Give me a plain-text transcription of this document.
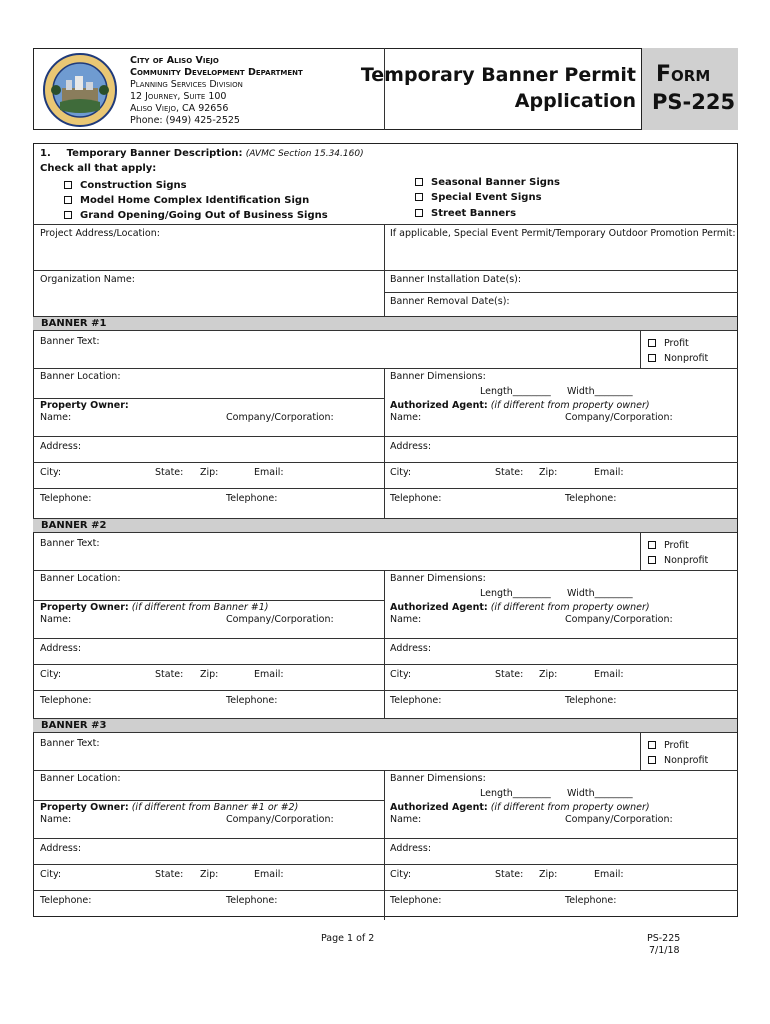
City of Aliso Viejo
Community Development Department
Planning Services Division
12 Journey, Suite 100
Aliso Viejo, CA 92656
Phone: (949) 425-2525
Temporary Banner Permit
Application
Form
PS-225
1. Temporary Banner Description: (AVMC Section 15.34.160)
Check all that apply:
Construction Signs
Model Home Complex Identification Sign
Grand Opening/Going Out of Business Signs
Seasonal Banner Signs
Special Event Signs
Street Banners
Project Address/Location:	If applicable, Special Event Permit/Temporary Outdoor Promotion Permit:
Organization Name:	Banner Installation Date(s):
Banner Removal Date(s):
BANNER #1
Banner Text:	Profit
Nonprofit
Banner Location:	Banner Dimensions:
Length________ Width________
Property Owner:	Authorized Agent: (if different from property owner)
Name:	Company/Corporation:	Name:	Company/Corporation:
Address:	Address:
City:	State: Zip:	Email:	City:	State: Zip:	Email:
Telephone:	Telephone:	Telephone:	Telephone:
BANNER #2
Banner Text:	Profit
Nonprofit
Banner Location:	Banner Dimensions:
Length________ Width________
Property Owner: (if different from Banner #1)	Authorized Agent: (if different from property owner)
Name:	Company/Corporation:	Name:	Company/Corporation:
Address:	Address:
City:	State: Zip:	Email:	City:	State: Zip:	Email:
Telephone:	Telephone:	Telephone:	Telephone:
BANNER #3
Banner Text:	Profit
Nonprofit
Banner Location:	Banner Dimensions:
Length________ Width________
Property Owner: (if different from Banner #1 or #2)	Authorized Agent: (if different from property owner)
Name:	Company/Corporation:	Name:	Company/Corporation:
Address:	Address:
City:	State: Zip:	Email:	City:	State: Zip:	Email:
Telephone:	Telephone:	Telephone:	Telephone:
Page 1 of 2	PS-225
7/1/18
